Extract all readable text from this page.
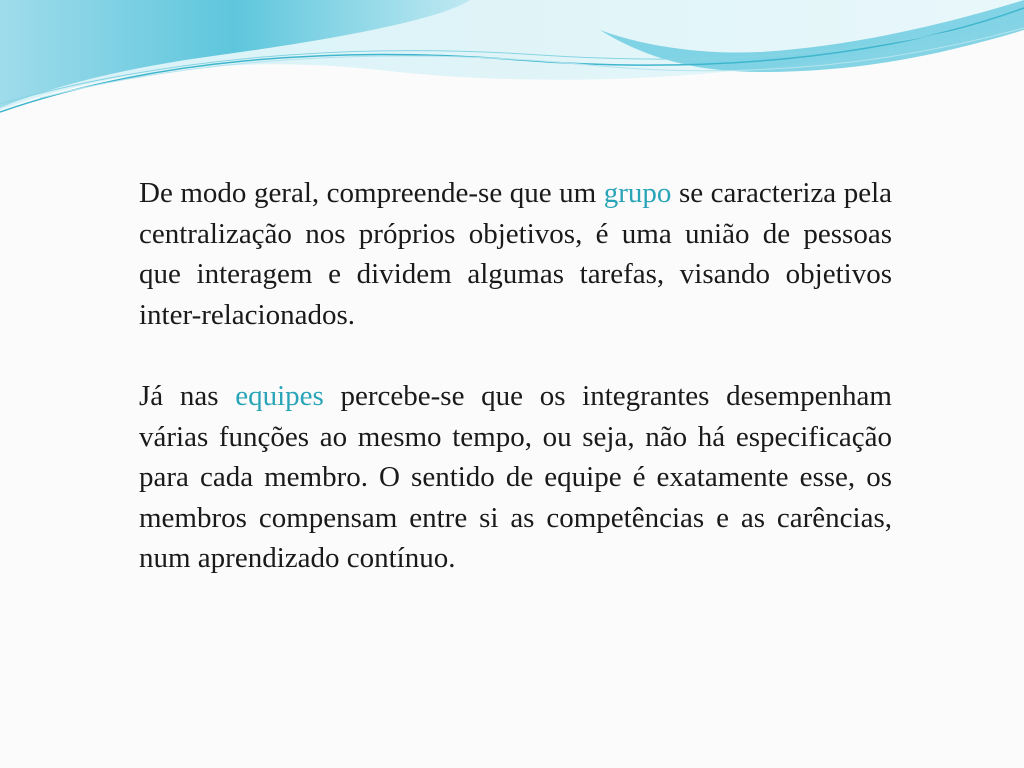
De modo geral, compreende-se que um grupo se caracteriza pela centralização nos próprios objetivos, é uma união de pessoas que interagem e dividem algumas tarefas, visando objetivos inter-relacionados.

Já nas equipes percebe-se que os integrantes desempenham várias funções ao mesmo tempo, ou seja, não há especificação para cada membro. O sentido de equipe é exatamente esse, os membros compensam entre si as competências e as carências, num aprendizado contínuo.
